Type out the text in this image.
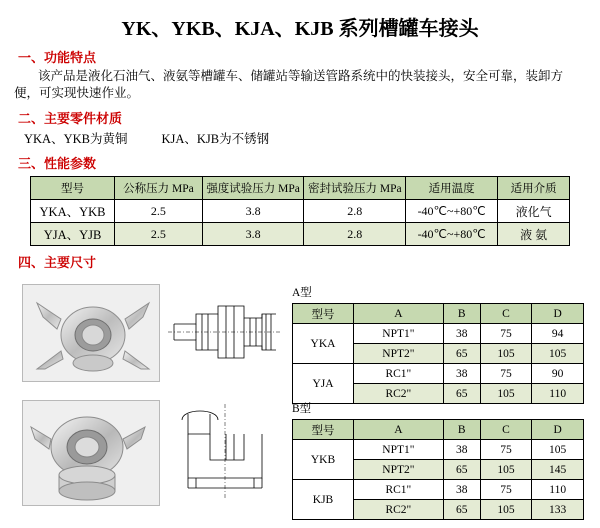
YK、YKB、KJA、KJB 系列槽罐车接头
一、功能特点
该产品是液化石油气、液氨等槽罐车、储罐站等输送管路系统中的快装接头，安全可靠，装卸方便，可实现快速作业。
二、主要零件材质
YKA、YKB为黄铜	KJA、KJB为不锈钢
三、性能参数
型号	公称压力 MPa	强度试验压力 MPa	密封试验压力 MPa	适用温度	适用介质
YKA、YKB	2.5	3.8	2.8	-40℃~+80℃	液化气
YJA、YJB	2.5	3.8	2.8	-40℃~+80℃	液 氨
四、主要尺寸
A型
型号	A	B	C	D
YKA	NPT1"	38	75	94
	NPT2"	65	105	105
YJA	RC1"	38	75	90
	RC2"	65	105	110
B型
型号	A	B	C	D
YKB	NPT1"	38	75	105
	NPT2"	65	105	145
KJB	RC1"	38	75	110
	RC2"	65	105	133
